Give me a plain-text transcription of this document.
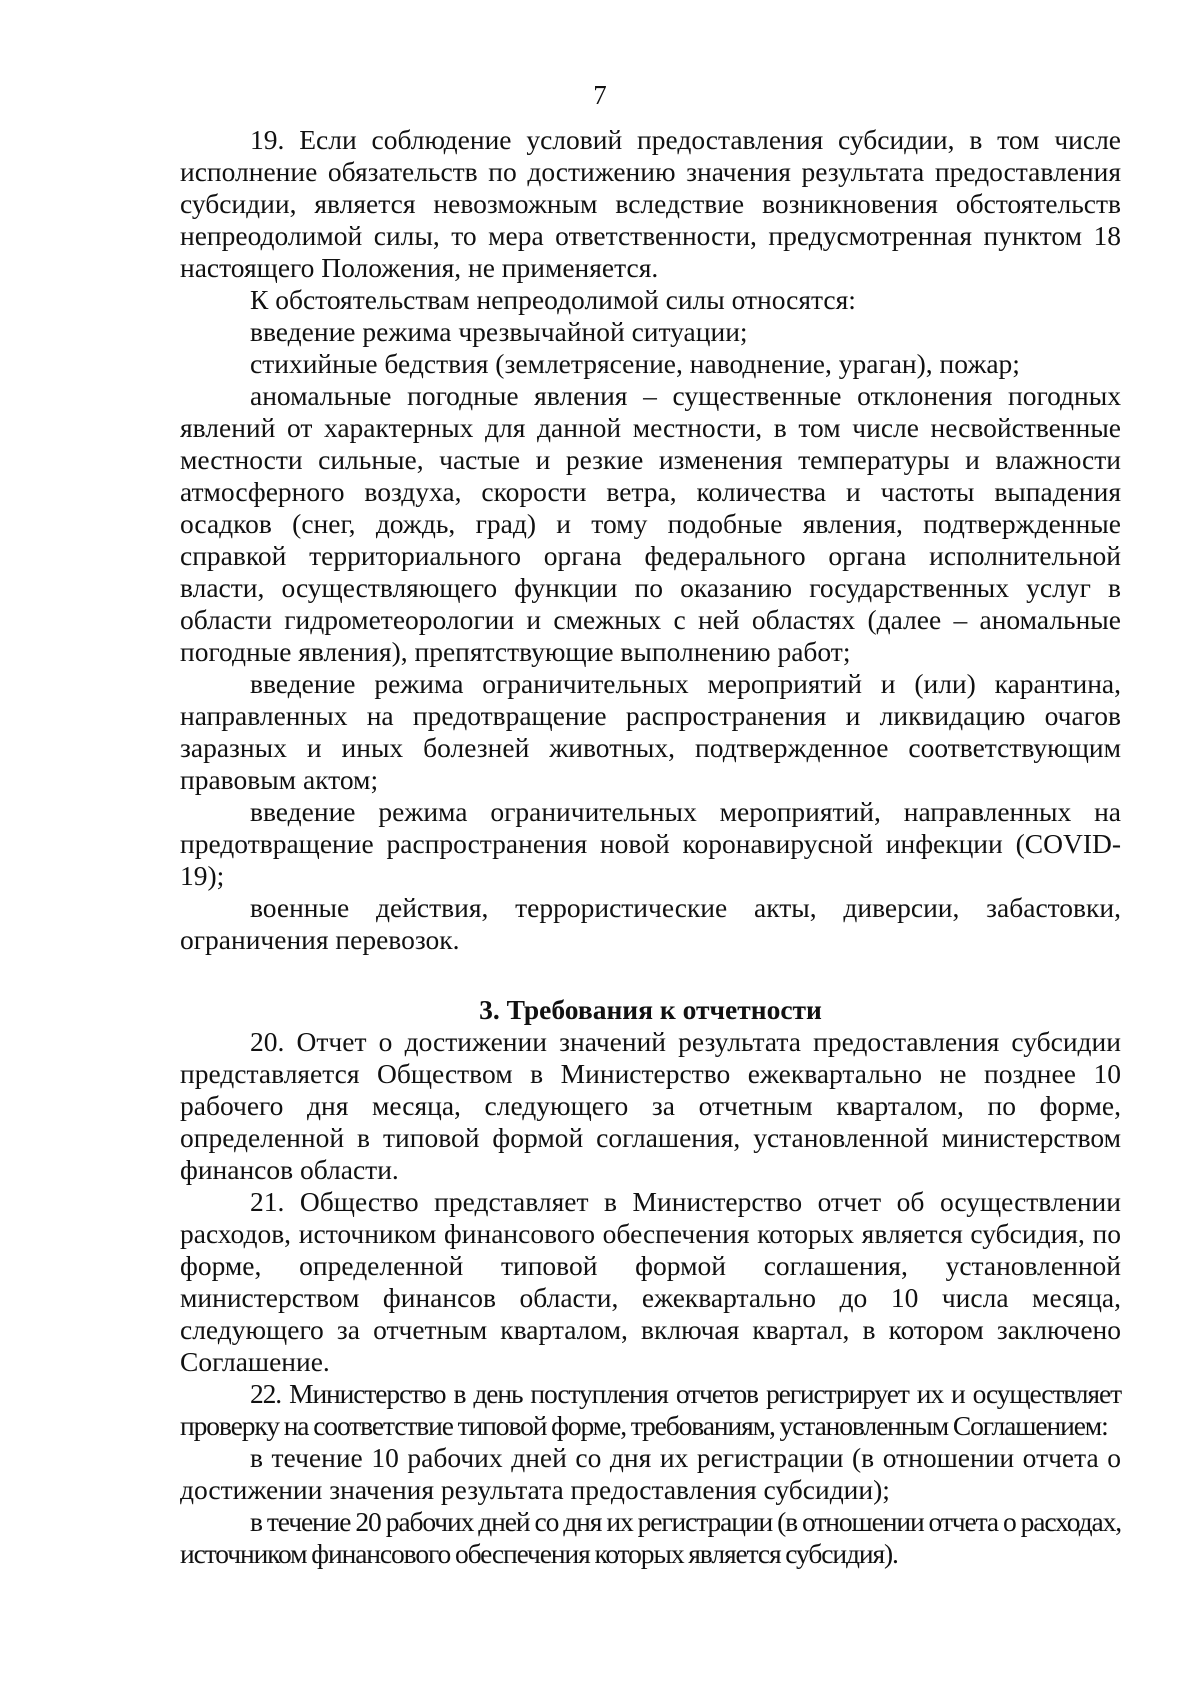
7

19. Если соблюдение условий предоставления субсидии, в том числе исполнение обязательств по достижению значения результата предоставления субсидии, является невозможным вследствие возникновения обстоятельств непреодолимой силы, то мера ответственности, предусмотренная пунктом 18 настоящего Положения, не применяется.

К обстоятельствам непреодолимой силы относятся:

введение режима чрезвычайной ситуации;

стихийные бедствия (землетрясение, наводнение, ураган), пожар;

аномальные погодные явления – существенные отклонения погодных явлений от характерных для данной местности, в том числе несвойственные местности сильные, частые и резкие изменения температуры и влажности атмосферного воздуха, скорости ветра, количества и частоты выпадения осадков (снег, дождь, град) и тому подобные явления, подтвержденные справкой территориального органа федерального органа исполнительной власти, осуществляющего функции по оказанию государственных услуг в области гидрометеорологии и смежных с ней областях (далее – аномальные погодные явления), препятствующие выполнению работ;

введение режима ограничительных мероприятий и (или) карантина, направленных на предотвращение распространения и ликвидацию очагов заразных и иных болезней животных, подтвержденное соответствующим правовым актом;

введение режима ограничительных мероприятий, направленных на предотвращение распространения новой коронавирусной инфекции (COVID-19);

военные действия, террористические акты, диверсии, забастовки, ограничения перевозок.

3. Требования к отчетности

20. Отчет о достижении значений результата предоставления субсидии представляется Обществом в Министерство ежеквартально не позднее 10 рабочего дня месяца, следующего за отчетным кварталом, по форме, определенной в типовой формой соглашения, установленной министерством финансов области.

21. Общество представляет в Министерство отчет об осуществлении расходов, источником финансового обеспечения которых является субсидия, по форме, определенной типовой формой соглашения, установленной министерством финансов области, ежеквартально до 10 числа месяца, следующего за отчетным кварталом, включая квартал, в котором заключено Соглашение.

22. Министерство в день поступления отчетов регистрирует их и осуществляет проверку на соответствие типовой форме, требованиям, установленным Соглашением:

в течение 10 рабочих дней со дня их регистрации (в отношении отчета о достижении значения результата предоставления субсидии);

в течение 20 рабочих дней со дня их регистрации (в отношении отчета о расходах, источником финансового обеспечения которых является субсидия).
